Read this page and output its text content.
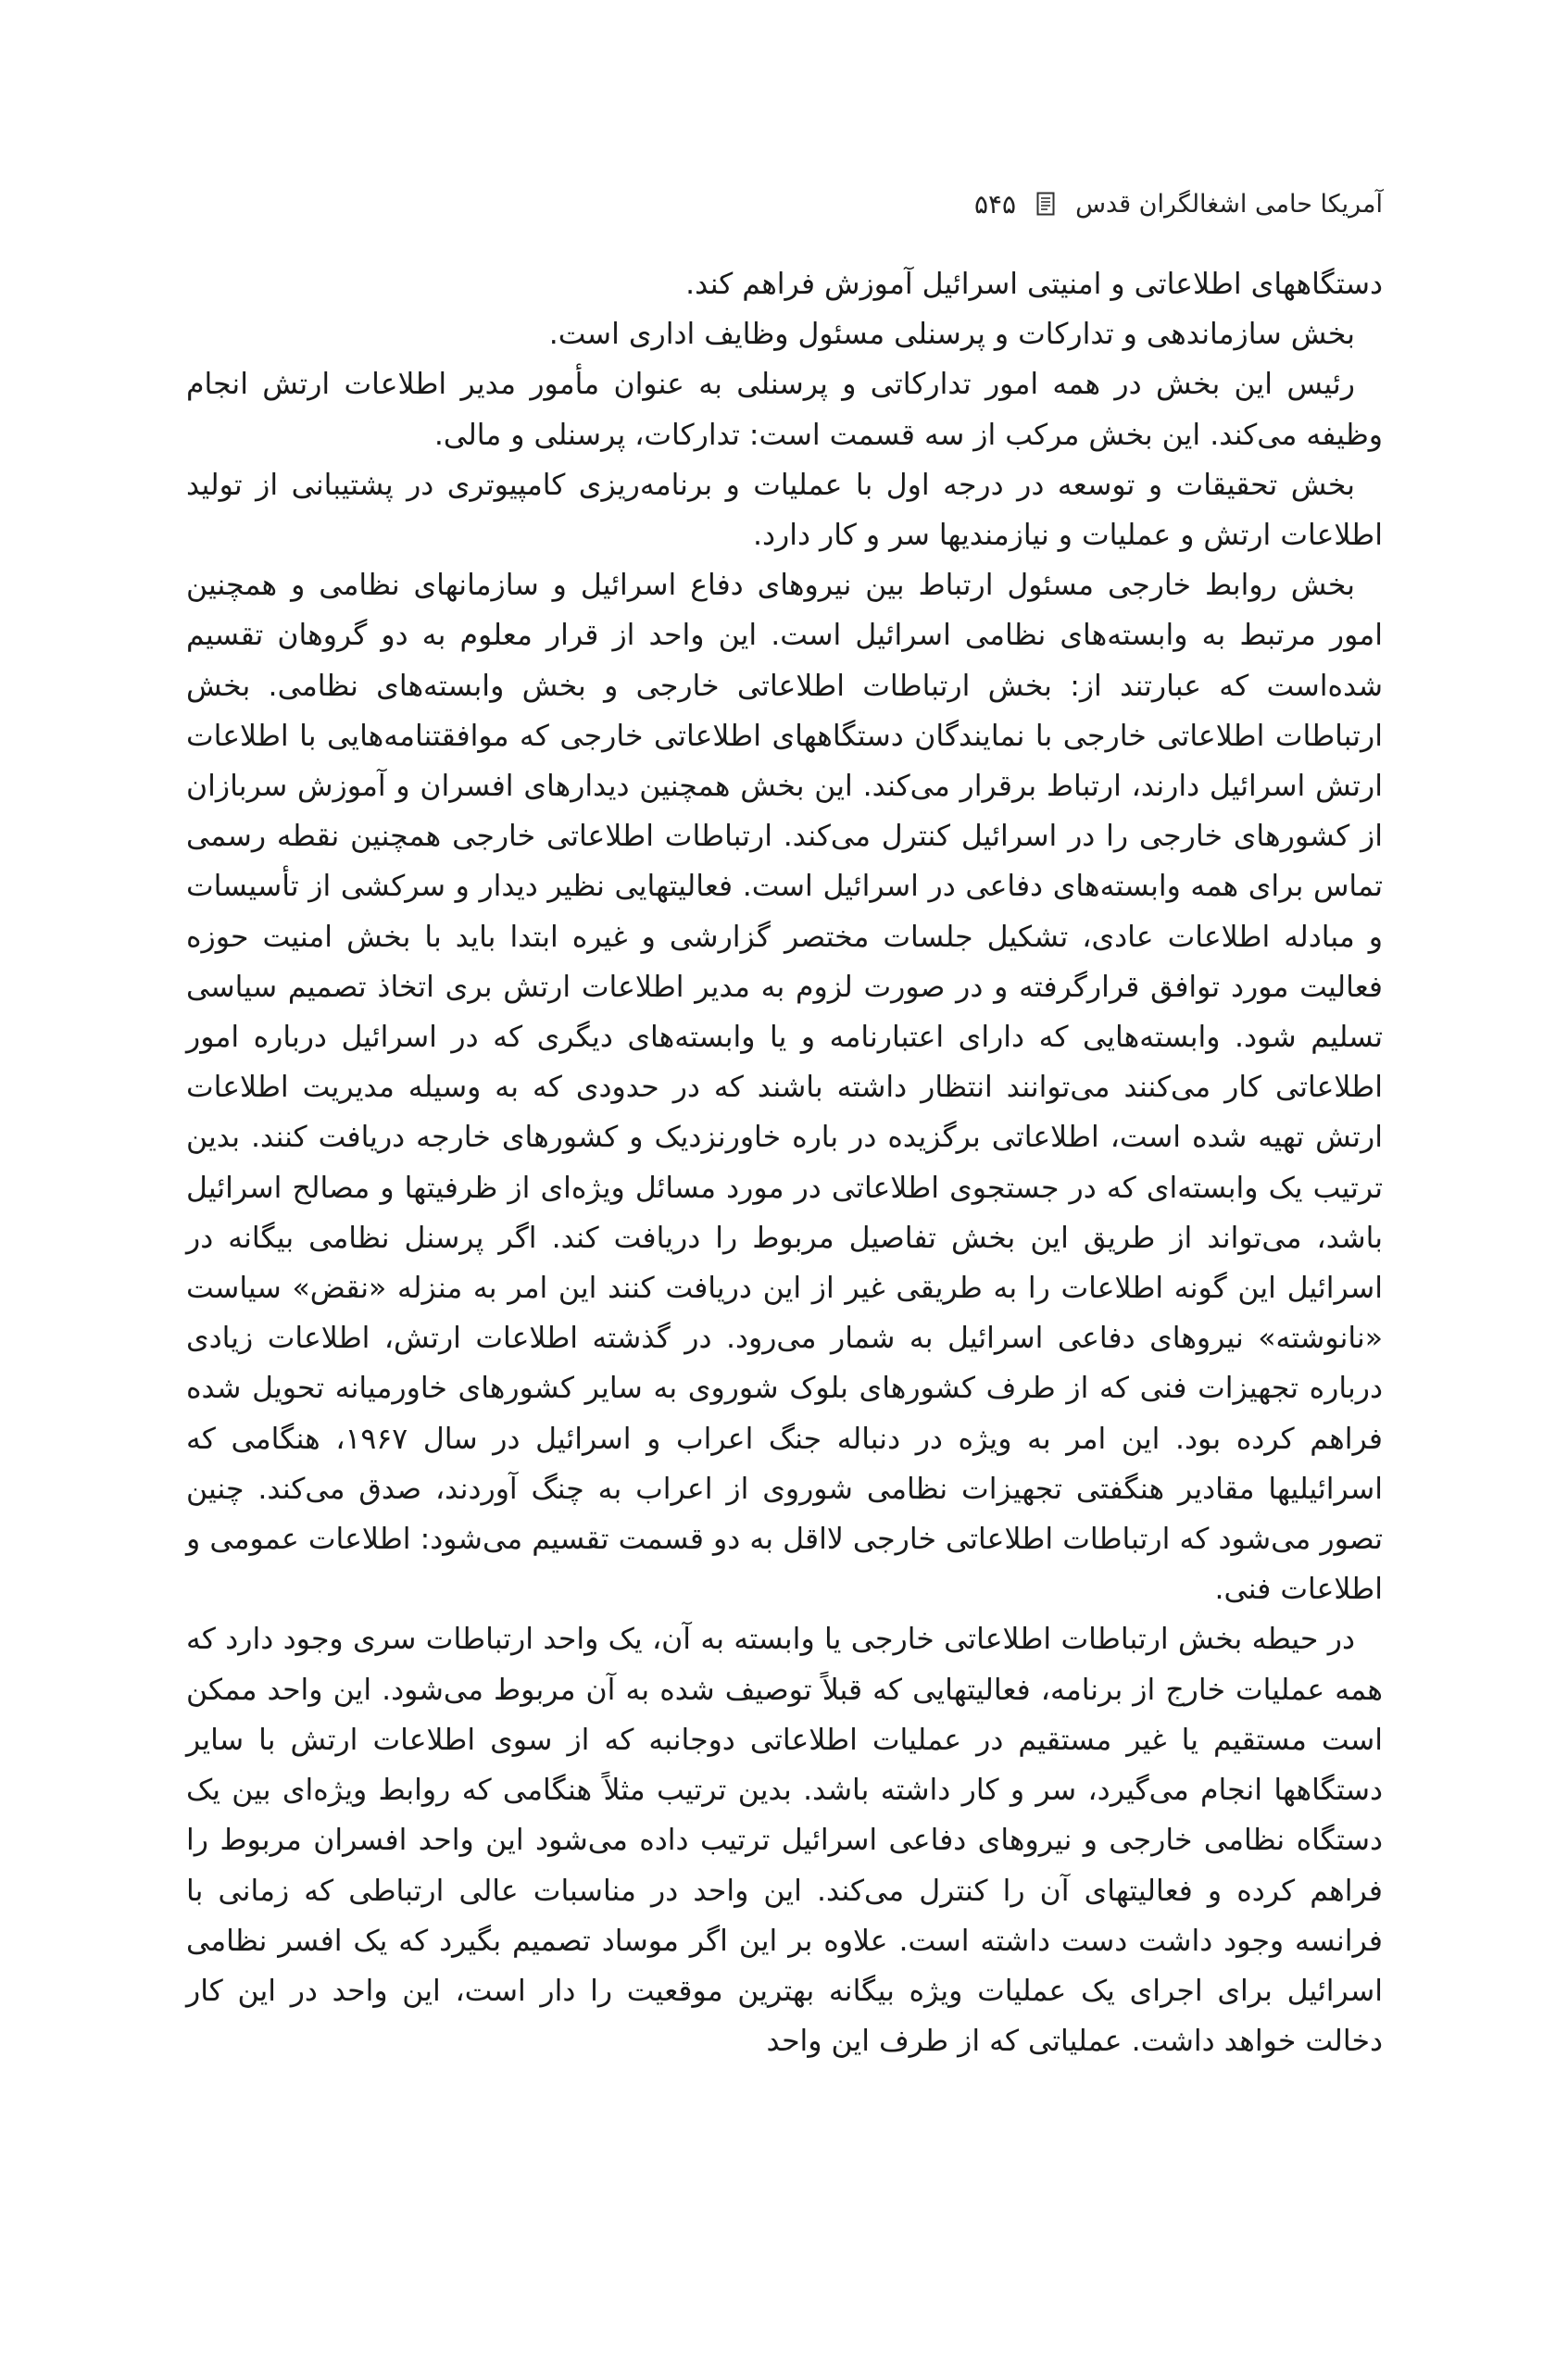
آمریکا حامی اشغالگران قدس
۵۴۵

دستگاههای اطلاعاتی و امنیتی اسرائیل آموزش فراهم کند.

بخش سازماندهی و تدارکات و پرسنلی مسئول وظایف اداری است.

رئیس این بخش در همه امور تدارکاتی و پرسنلی به عنوان مأمور مدیر اطلاعات ارتش انجام وظیفه می‌کند. این بخش مرکب از سه قسمت است: تدارکات، پرسنلی و مالی.

بخش تحقیقات و توسعه در درجه اول با عملیات و برنامه‌ریزی کامپیوتری در پشتیبانی از تولید اطلاعات ارتش و عملیات و نیازمندیها سر و کار دارد.

بخش روابط خارجی مسئول ارتباط بین نیروهای دفاع اسرائیل و سازمانهای نظامی و همچنین امور مرتبط به وابسته‌های نظامی اسرائیل است. این واحد از قرار معلوم به دو گروهان تقسیم شده‌است که عبارتند از: بخش ارتباطات اطلاعاتی خارجی و بخش وابسته‌های نظامی. بخش ارتباطات اطلاعاتی خارجی با نمایندگان دستگاههای اطلاعاتی خارجی که موافقتنامه‌هایی با اطلاعات ارتش اسرائیل دارند، ارتباط برقرار می‌کند. این بخش همچنین دیدارهای افسران و آموزش سربازان از کشورهای خارجی را در اسرائیل کنترل می‌کند. ارتباطات اطلاعاتی خارجی همچنین نقطه رسمی تماس برای همه وابسته‌های دفاعی در اسرائیل است. فعالیتهایی نظیر دیدار و سرکشی از تأسیسات و مبادله اطلاعات عادی، تشکیل جلسات مختصر گزارشی و غیره ابتدا باید با بخش امنیت حوزه فعالیت مورد توافق قرارگرفته و در صورت لزوم به مدیر اطلاعات ارتش بری اتخاذ تصمیم سیاسی تسلیم شود. وابسته‌هایی که دارای اعتبارنامه و یا وابسته‌های دیگری که در اسرائیل درباره امور اطلاعاتی کار می‌کنند می‌توانند انتظار داشته باشند که در حدودی که به وسیله مدیریت اطلاعات ارتش تهیه شده است، اطلاعاتی برگزیده در باره خاورنزدیک و کشورهای خارجه دریافت کنند. بدین ترتیب یک وابسته‌ای که در جستجوی اطلاعاتی در مورد مسائل ویژه‌ای از ظرفیتها و مصالح اسرائیل باشد، می‌تواند از طریق این بخش تفاصیل مربوط را دریافت کند. اگر پرسنل نظامی بیگانه در اسرائیل این گونه اطلاعات را به طریقی غیر از این دریافت کنند این امر به منزله «نقض» سیاست «نانوشته» نیروهای دفاعی اسرائیل به شمار می‌رود. در گذشته اطلاعات ارتش، اطلاعات زیادی درباره تجهیزات فنی که از طرف کشورهای بلوک شوروی به سایر کشورهای خاورمیانه تحویل شده فراهم کرده بود. این امر به ویژه در دنباله جنگ اعراب و اسرائیل در سال ۱۹۶۷، هنگامی که اسرائیلیها مقادیر هنگفتی تجهیزات نظامی شوروی از اعراب به چنگ آوردند، صدق می‌کند. چنین تصور می‌شود که ارتباطات اطلاعاتی خارجی لااقل به دو قسمت تقسیم می‌شود: اطلاعات عمومی و اطلاعات فنی.

در حیطه بخش ارتباطات اطلاعاتی خارجی یا وابسته به آن، یک واحد ارتباطات سری وجود دارد که همه عملیات خارج از برنامه، فعالیتهایی که قبلاً توصیف شده به آن مربوط می‌شود. این واحد ممکن است مستقیم یا غیر مستقیم در عملیات اطلاعاتی دوجانبه که از سوی اطلاعات ارتش با سایر دستگاهها انجام می‌گیرد، سر و کار داشته باشد. بدین ترتیب مثلاً هنگامی که روابط ویژه‌ای بین یک دستگاه نظامی خارجی و نیروهای دفاعی اسرائیل ترتیب داده می‌شود این واحد افسران مربوط را فراهم کرده و فعالیتهای آن را کنترل می‌کند. این واحد در مناسبات عالی ارتباطی که زمانی با فرانسه وجود داشت دست داشته است. علاوه بر این اگر موساد تصمیم بگیرد که یک افسر نظامی اسرائیل برای اجرای یک عملیات ویژه بیگانه بهترین موقعیت را دار است، این واحد در این کار دخالت خواهد داشت. عملیاتی که از طرف این واحد
